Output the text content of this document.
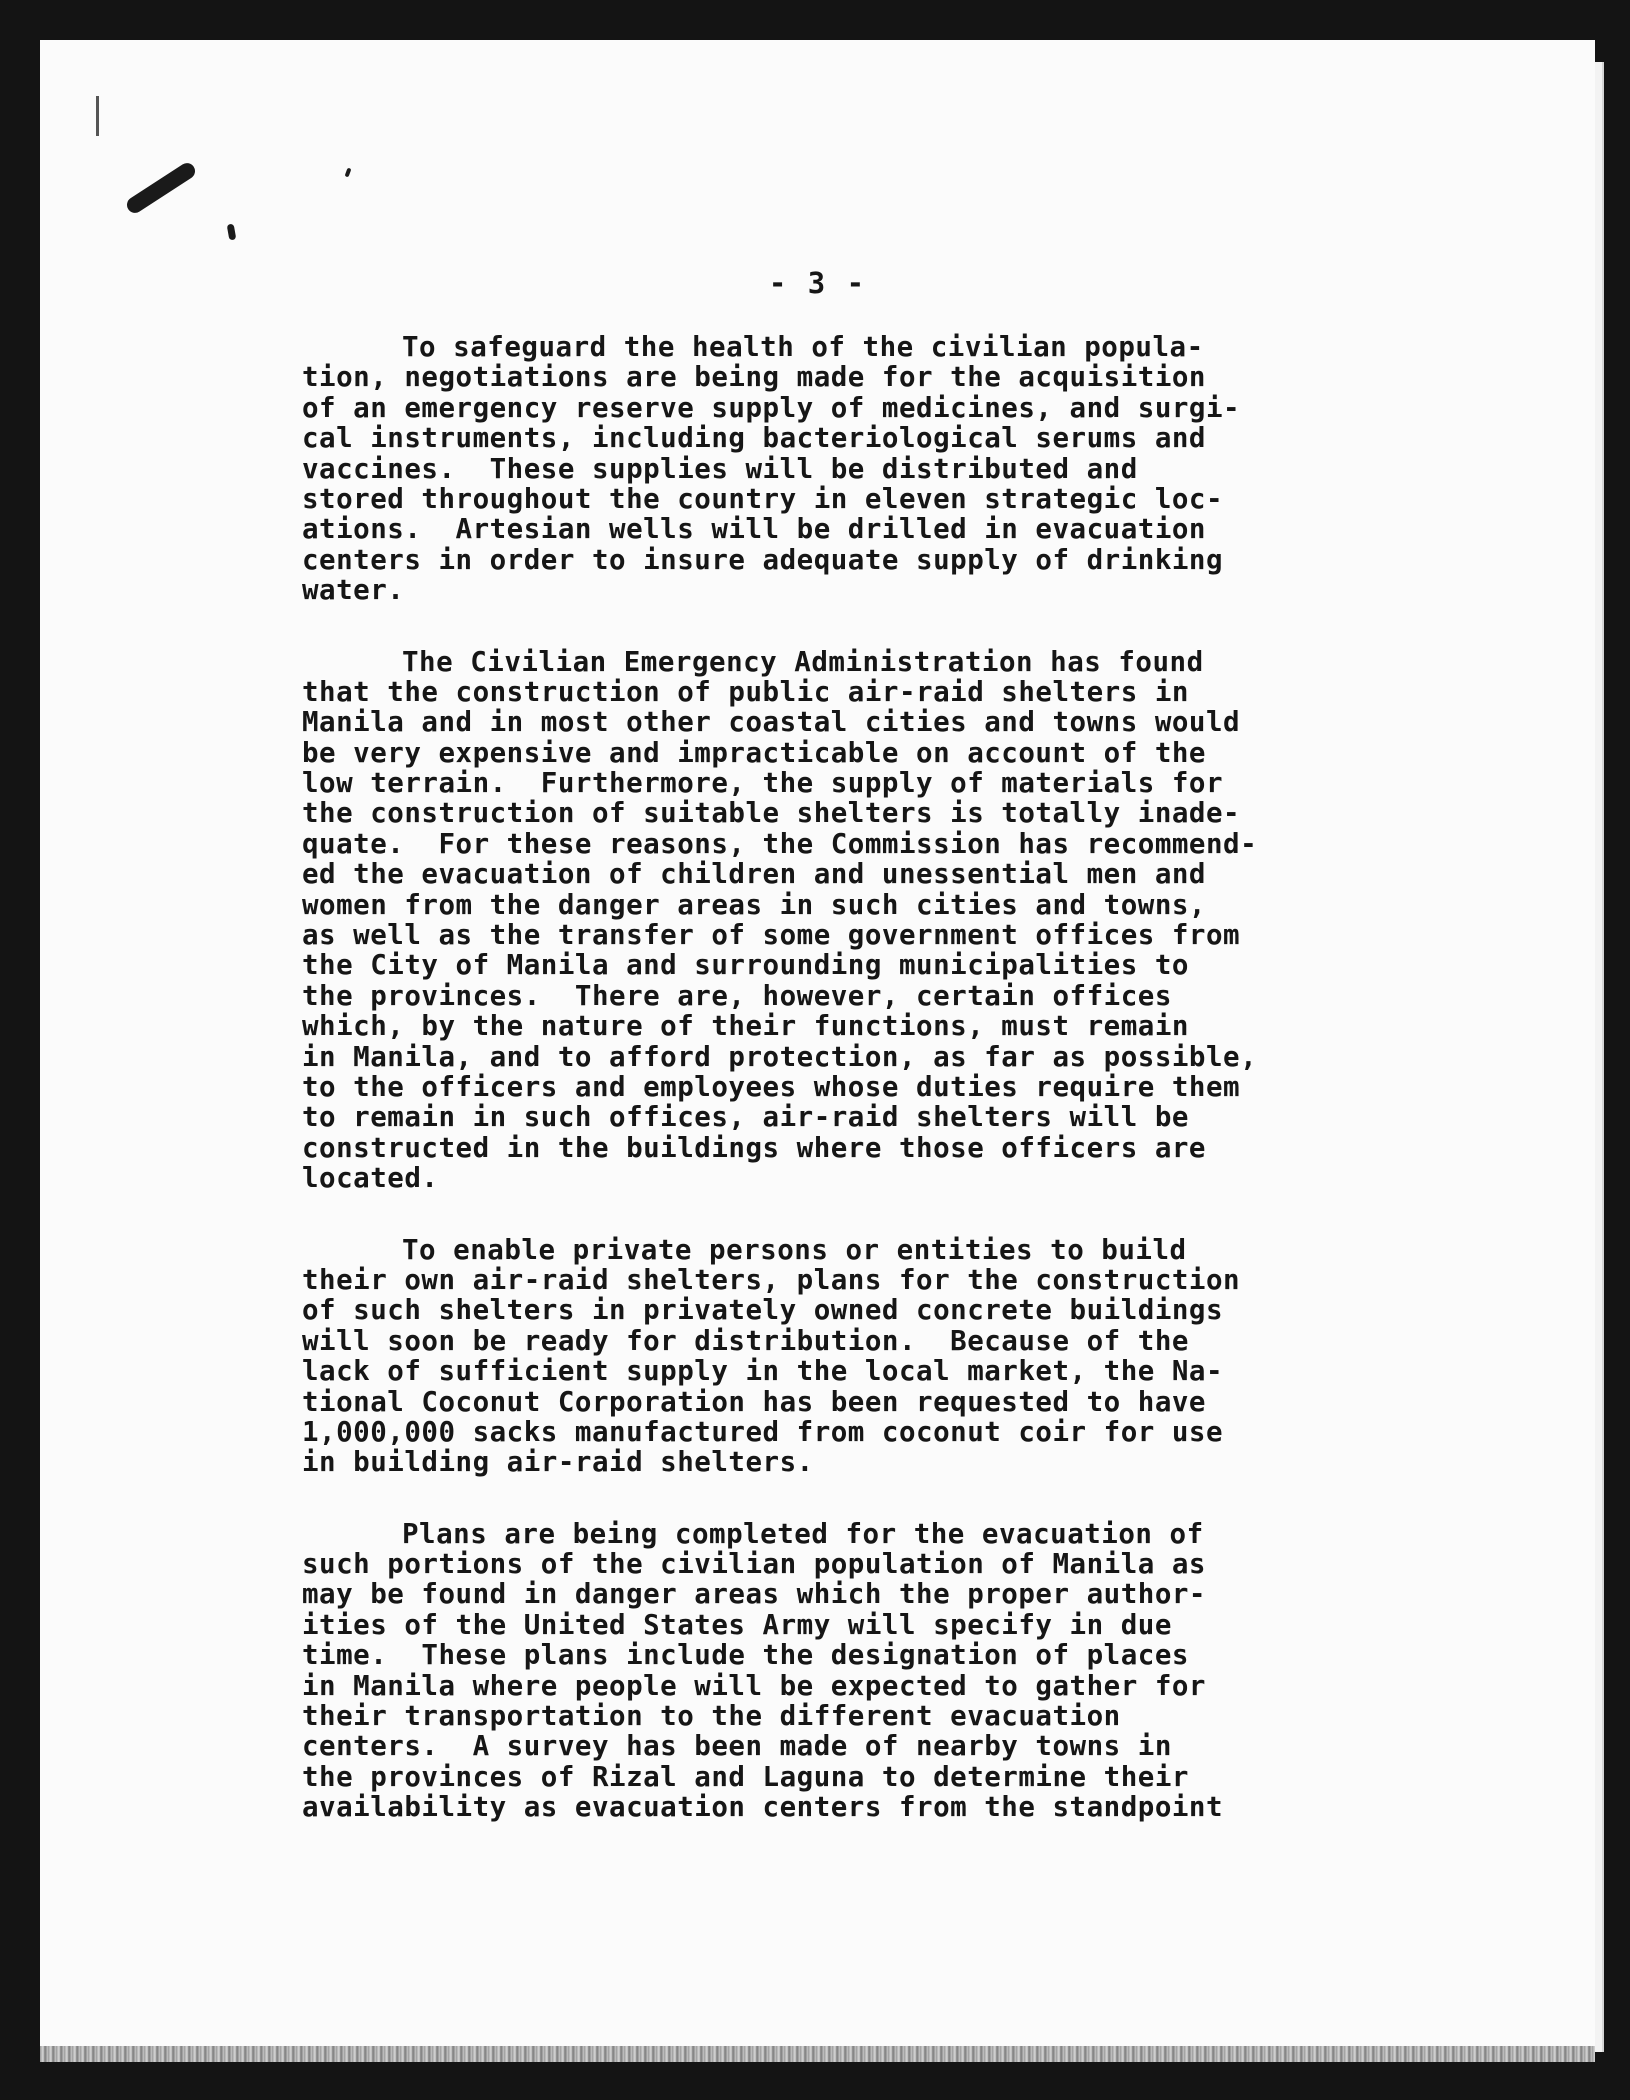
- 3 -
To safeguard the health of the civilian popula-
tion, negotiations are being made for the acquisition
of an emergency reserve supply of medicines, and surgi-
cal instruments, including bacteriological serums and
vaccines.  These supplies will be distributed and
stored throughout the country in eleven strategic loc-
ations.  Artesian wells will be drilled in evacuation
centers in order to insure adequate supply of drinking
water.
The Civilian Emergency Administration has found
that the construction of public air-raid shelters in
Manila and in most other coastal cities and towns would
be very expensive and impracticable on account of the
low terrain.  Furthermore, the supply of materials for
the construction of suitable shelters is totally inade-
quate.  For these reasons, the Commission has recommend-
ed the evacuation of children and unessential men and
women from the danger areas in such cities and towns,
as well as the transfer of some government offices from
the City of Manila and surrounding municipalities to
the provinces.  There are, however, certain offices
which, by the nature of their functions, must remain
in Manila, and to afford protection, as far as possible,
to the officers and employees whose duties require them
to remain in such offices, air-raid shelters will be
constructed in the buildings where those officers are
located.
To enable private persons or entities to build
their own air-raid shelters, plans for the construction
of such shelters in privately owned concrete buildings
will soon be ready for distribution.  Because of the
lack of sufficient supply in the local market, the Na-
tional Coconut Corporation has been requested to have
1,000,000 sacks manufactured from coconut coir for use
in building air-raid shelters.
Plans are being completed for the evacuation of
such portions of the civilian population of Manila as
may be found in danger areas which the proper author-
ities of the United States Army will specify in due
time.  These plans include the designation of places
in Manila where people will be expected to gather for
their transportation to the different evacuation
centers.  A survey has been made of nearby towns in
the provinces of Rizal and Laguna to determine their
availability as evacuation centers from the standpoint
